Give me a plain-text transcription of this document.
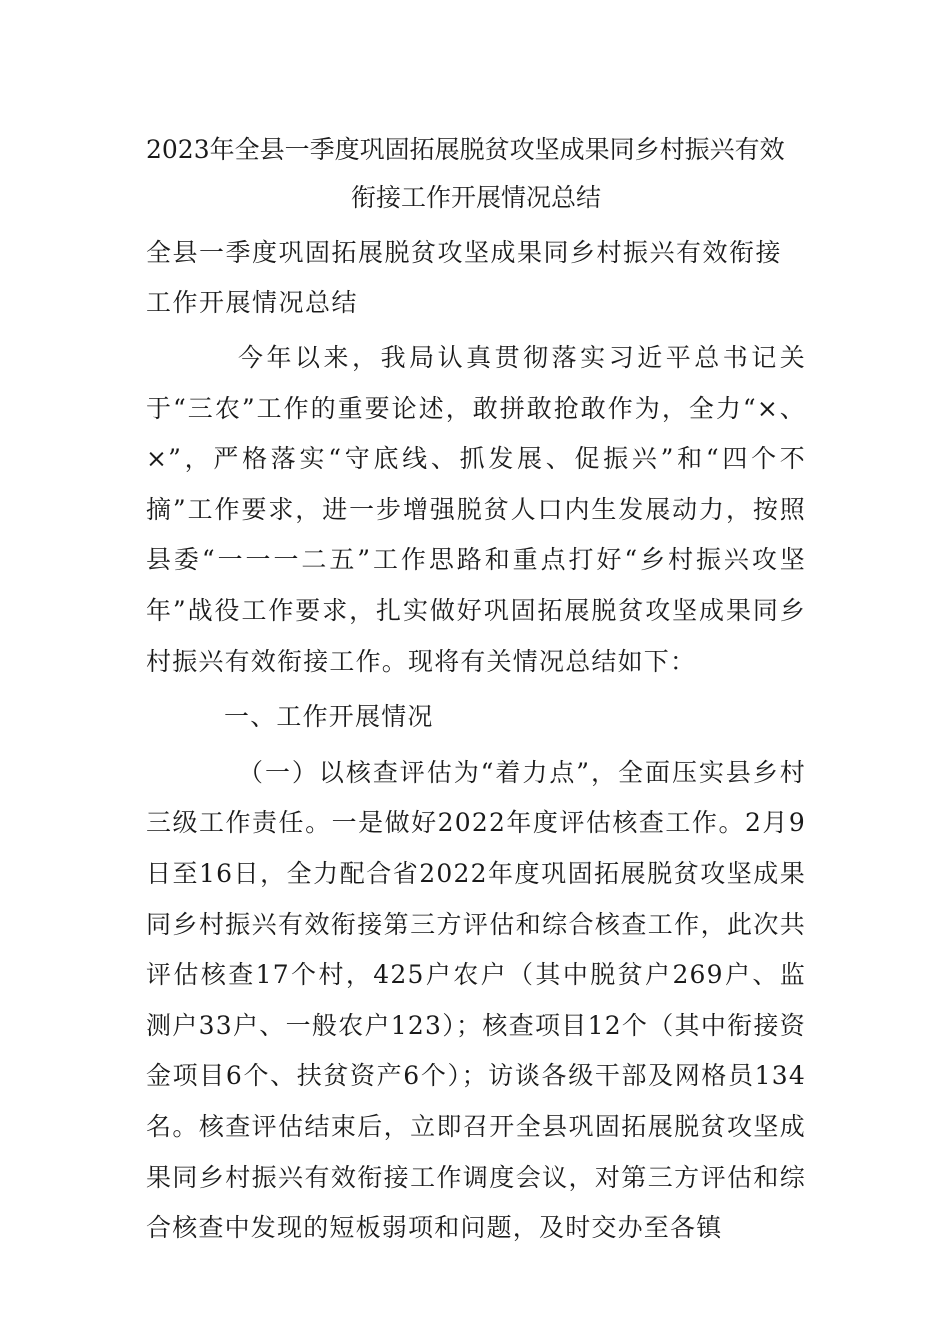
2023年全县一季度巩固拓展脱贫攻坚成果同乡村振兴有效

衔接工作开展情况总结

全县一季度巩固拓展脱贫攻坚成果同乡村振兴有效衔接工作开展情况总结

今年以来，我局认真贯彻落实习近平总书记关于“三农”工作的重要论述，敢拼敢抢敢作为，全力“×、×”，严格落实“守底线、抓发展、促振兴”和“四个不摘”工作要求，进一步增强脱贫人口内生发展动力，按照县委“一一一二五”工作思路和重点打好“乡村振兴攻坚年”战役工作要求，扎实做好巩固拓展脱贫攻坚成果同乡村振兴有效衔接工作。现将有关情况总结如下：

一、工作开展情况

（一）以核查评估为“着力点”，全面压实县乡村三级工作责任。一是做好2022年度评估核查工作。2月9日至16日，全力配合省2022年度巩固拓展脱贫攻坚成果同乡村振兴有效衔接第三方评估和综合核查工作，此次共评估核查17个村，425户农户（其中脱贫户269户、监测户33户、一般农户123）；核查项目12个（其中衔接资金项目6个、扶贫资产6个）；访谈各级干部及网格员134名。核查评估结束后，立即召开全县巩固拓展脱贫攻坚成果同乡村振兴有效衔接工作调度会议，对第三方评估和综合核查中发现的短板弱项和问题，及时交办至各镇
